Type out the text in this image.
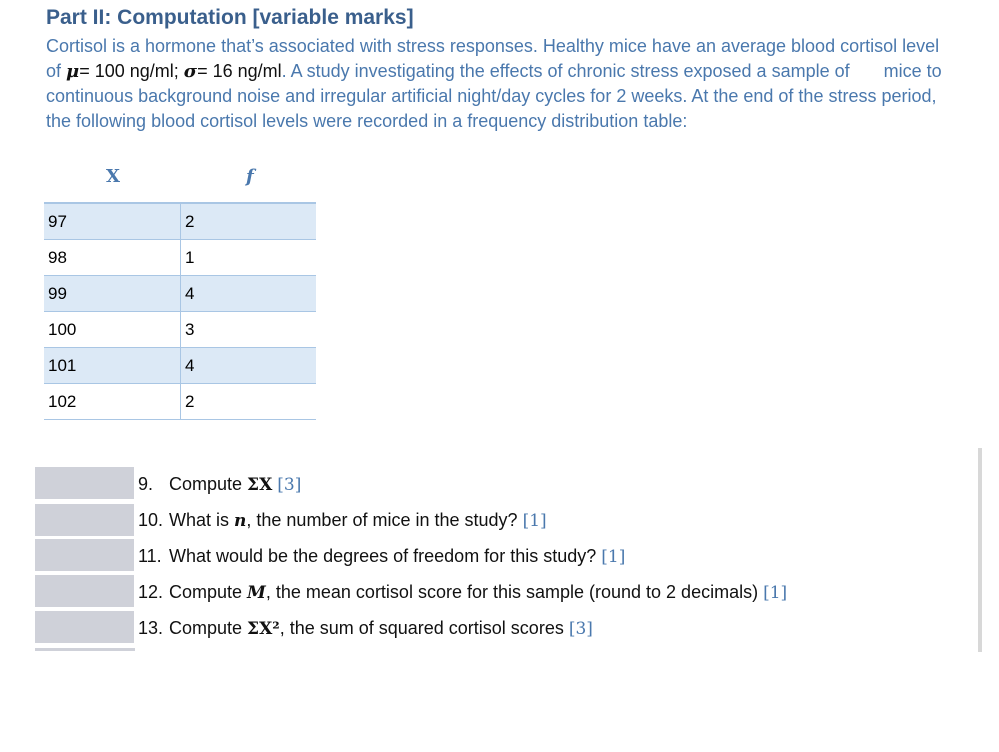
Part II: Computation [variable marks]
Cortisol is a hormone that’s associated with stress responses. Healthy mice have an average blood cortisol level of μ= 100 ng/ml; σ= 16 ng/ml. A study investigating the effects of chronic stress exposed a sample of mice to continuous background noise and irregular artificial night/day cycles for 2 weeks. At the end of the stress period, the following blood cortisol levels were recorded in a frequency distribution table:
X	f
97	2
98	1
99	4
100	3
101	4
102	2
9. Compute ΣX [3]
10. What is n, the number of mice in the study? [1]
11. What would be the degrees of freedom for this study? [1]
12. Compute M, the mean cortisol score for this sample (round to 2 decimals) [1]
13. Compute ΣX², the sum of squared cortisol scores [3]
